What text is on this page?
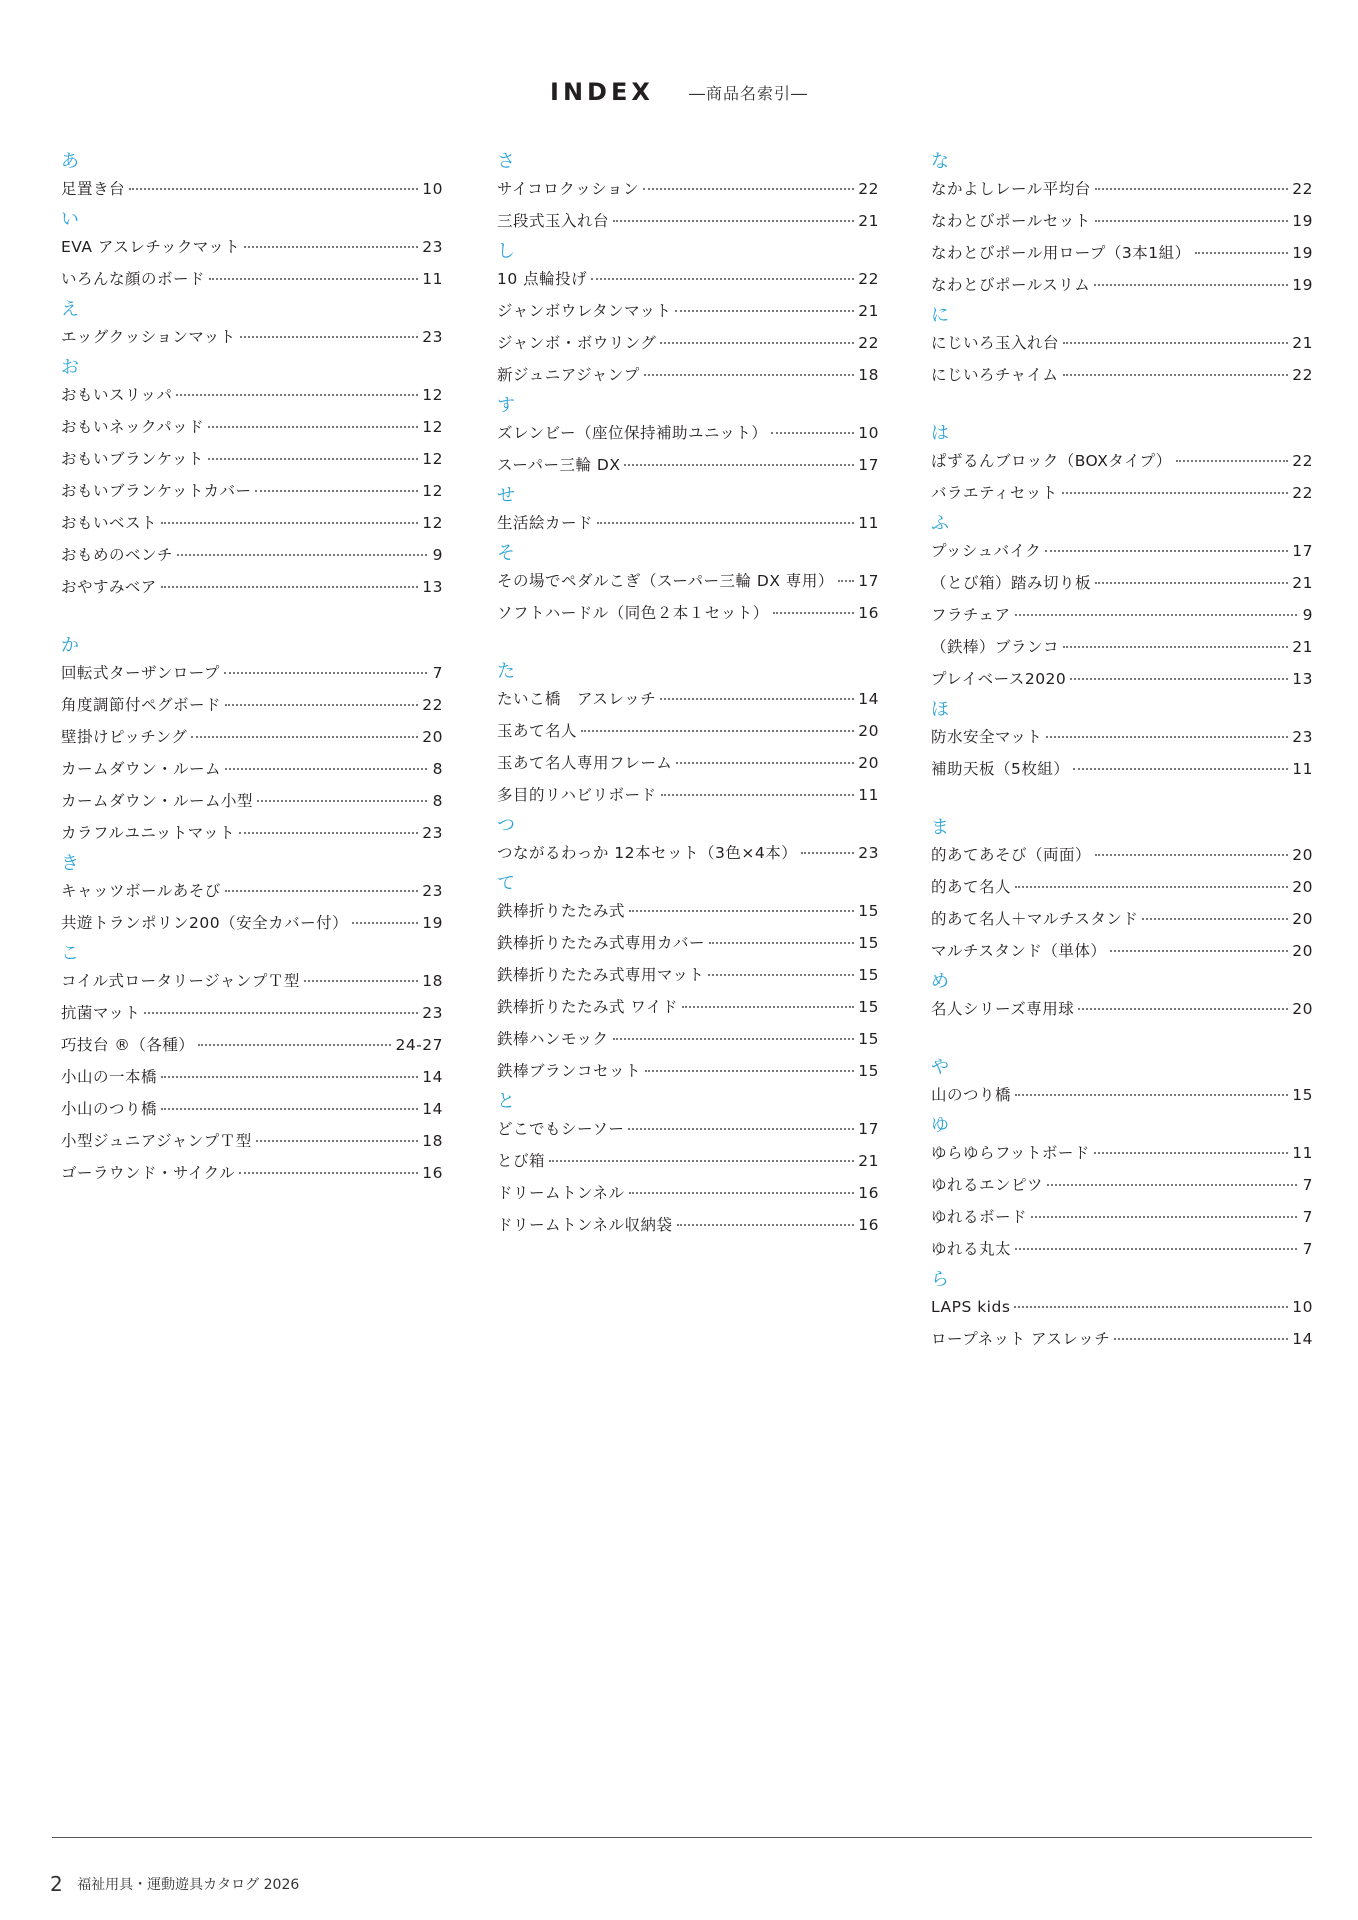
INDEX ―商品名索引―
あ
足置き台	10
い
EVA アスレチックマット	23
いろんな顔のボード	11
え
エッグクッションマット	23
お
おもいスリッパ	12
おもいネックパッド	12
おもいブランケット	12
おもいブランケットカバー	12
おもいベスト	12
おもめのベンチ	9
おやすみベア	13
か
回転式ターザンロープ	7
角度調節付ペグボード	22
壁掛けピッチング	20
カームダウン・ルーム	8
カームダウン・ルーム小型	8
カラフルユニットマット	23
き
キャッツボールあそび	23
共遊トランポリン200（安全カバー付）	19
こ
コイル式ロータリージャンプＴ型	18
抗菌マット	23
巧技台 ®（各種）	24-27
小山の一本橋	14
小山のつり橋	14
小型ジュニアジャンプＴ型	18
ゴーラウンド・サイクル	16
さ
サイコロクッション	22
三段式玉入れ台	21
し
10 点輪投げ	22
ジャンボウレタンマット	21
ジャンボ・ボウリング	22
新ジュニアジャンプ	18
す
ズレンビー（座位保持補助ユニット）	10
スーパー三輪 DX	17
せ
生活絵カード	11
そ
その場でペダルこぎ（スーパー三輪 DX 専用） 17
ソフトハードル（同色２本１セット）	16
た
たいこ橋　アスレッチ	14
玉あて名人	20
玉あて名人専用フレーム	20
多目的リハビリボード	11
つ
つながるわっか 12本セット（3色×4本）	23
て
鉄棒折りたたみ式	15
鉄棒折りたたみ式専用カバー	15
鉄棒折りたたみ式専用マット	15
鉄棒折りたたみ式 ワイド	15
鉄棒ハンモック	15
鉄棒ブランコセット	15
と
どこでもシーソー	17
とび箱	21
ドリームトンネル	16
ドリームトンネル収納袋	16
な
なかよしレール平均台	22
なわとびポールセット	19
なわとびポール用ロープ（3本1組）	19
なわとびポールスリム	19
に
にじいろ玉入れ台	21
にじいろチャイム	22
は
ぱずるんブロック（BOXタイプ）	22
バラエティセット	22
ふ
プッシュバイク	17
（とび箱）踏み切り板	21
フラチェア	9
（鉄棒）ブランコ	21
プレイベース2020	13
ほ
防水安全マット	23
補助天板（5枚組）	11
ま
的あてあそび（両面）	20
的あて名人	20
的あて名人＋マルチスタンド	20
マルチスタンド（単体）	20
め
名人シリーズ専用球	20
や
山のつり橋	15
ゆ
ゆらゆらフットボード	11
ゆれるエンピツ	7
ゆれるボード	7
ゆれる丸太	7
ら
LAPS kids	10
ロープネット アスレッチ	14
2 福祉用具・運動遊具カタログ 2026
